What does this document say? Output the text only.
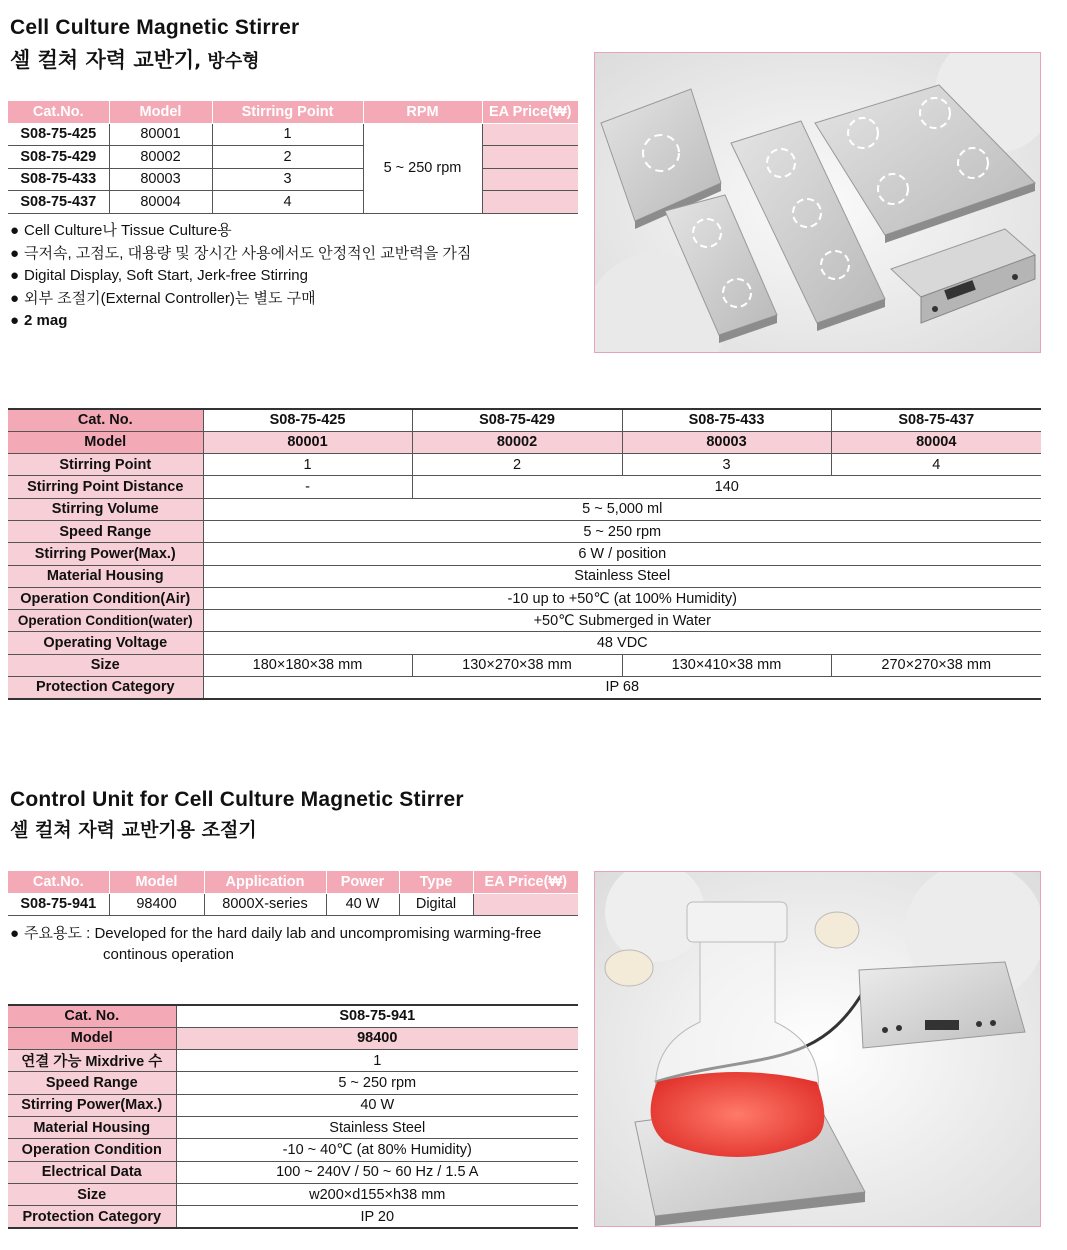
Cell Culture Magnetic Stirrer
셀 컬쳐 자력 교반기, 방수형
Cat.No.	Model	Stirring Point	RPM	EA Price(₩)
S08-75-425	80001	1	5 ~ 250 rpm	
S08-75-429	80002	2		
S08-75-433	80003	3		
S08-75-437	80004	4		
● Cell Culture나 Tissue Culture용
● 극저속, 고점도, 대용량 및 장시간 사용에서도 안정적인 교반력을 가짐
● Digital Display, Soft Start, Jerk-free Stirring
● 외부 조절기(External Controller)는 별도 구매
● 2 mag
Cat. No.	S08-75-425	S08-75-429	S08-75-433	S08-75-437
Model	80001	80002	80003	80004
Stirring Point	1	2	3	4
Stirring Point Distance	-	140		
Stirring Volume	5 ~ 5,000 ml			
Speed Range	5 ~ 250 rpm			
Stirring Power(Max.)	6 W / position			
Material Housing	Stainless Steel			
Operation Condition(Air)	-10 up to +50℃ (at 100% Humidity)			
Operation Condition(water)	+50℃ Submerged in Water			
Operating Voltage	48 VDC			
Size	180×180×38 mm	130×270×38 mm	130×410×38 mm	270×270×38 mm
Protection Category	IP 68			
Control Unit for Cell Culture Magnetic Stirrer
셀 컬쳐 자력 교반기용 조절기
Cat.No.	Model	Application	Power	Type	EA Price(₩)
S08-75-941	98400	8000X-series	40 W	Digital	
● 주요용도 : Developed for the hard daily lab and uncompromising warming-free
continous operation
Cat. No.	S08-75-941
Model	98400
연결 가능 Mixdrive 수	1
Speed Range	5 ~ 250 rpm
Stirring Power(Max.)	40 W
Material Housing	Stainless Steel
Operation Condition	-10 ~ 40℃ (at 80% Humidity)
Electrical Data	100 ~ 240V / 50 ~ 60 Hz / 1.5 A
Size	w200×d155×h38 mm
Protection Category	IP 20
